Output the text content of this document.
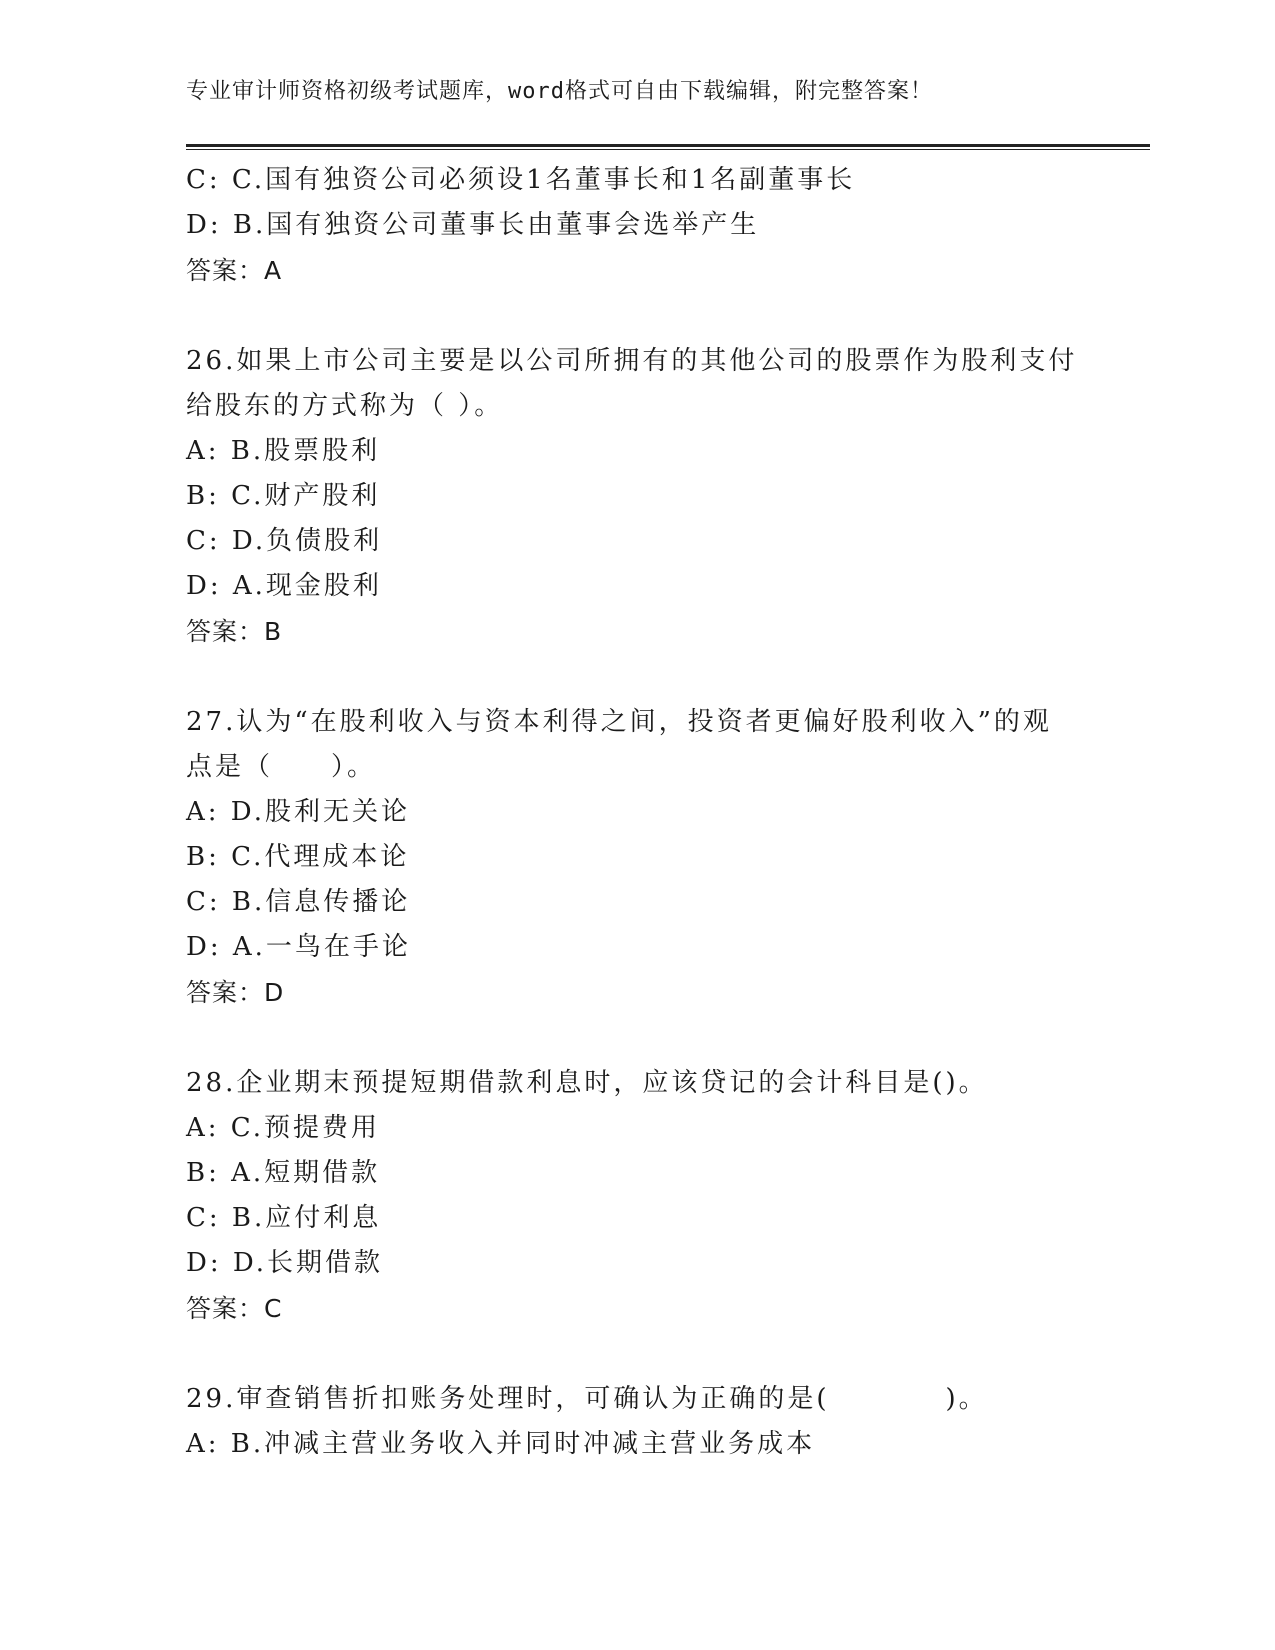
专业审计师资格初级考试题库，word格式可自由下载编辑，附完整答案！
C: C.国有独资公司必须设1名董事长和1名副董事长
D: B.国有独资公司董事长由董事会选举产生
答案：A
26.如果上市公司主要是以公司所拥有的其他公司的股票作为股利支付
给股东的方式称为（ ）。
A: B.股票股利
B: C.财产股利
C: D.负债股利
D: A.现金股利
答案：B
27.认为“在股利收入与资本利得之间，投资者更偏好股利收入”的观
点是（　　）。
A: D.股利无关论
B: C.代理成本论
C: B.信息传播论
D: A.一鸟在手论
答案：D
28.企业期末预提短期借款利息时，应该贷记的会计科目是()。
A: C.预提费用
B: A.短期借款
C: B.应付利息
D: D.长期借款
答案：C
29.审查销售折扣账务处理时，可确认为正确的是(　　　　)。
A: B.冲减主营业务收入并同时冲减主营业务成本
